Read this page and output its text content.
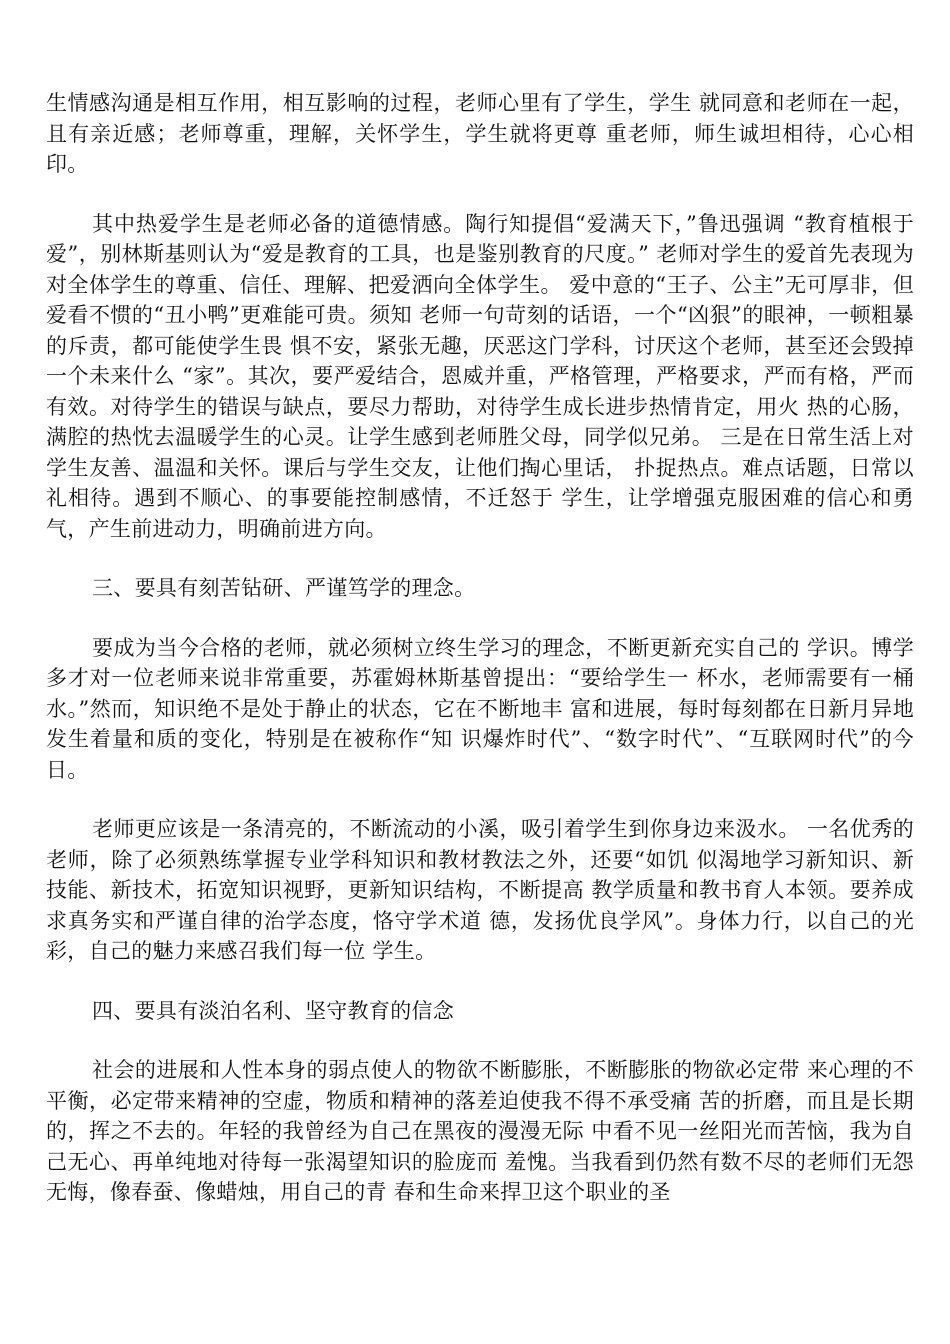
生情感沟通是相互作用，相互影响的过程，老师心里有了学生，学生 就同意和老师在一起，且有亲近感；老师尊重，理解，关怀学生，学生就将更尊 重老师，师生诚坦相待，心心相印。

其中热爱学生是老师必备的道德情感。陶行知提倡“爱满天下，”鲁迅强调 “教育植根于爱”，别林斯基则认为“爱是教育的工具，也是鉴别教育的尺度。” 老师对学生的爱首先表现为对全体学生的尊重、信任、理解、把爱洒向全体学生。 爱中意的“王子、公主”无可厚非，但爱看不惯的“丑小鸭”更难能可贵。须知 老师一句苛刻的话语，一个“凶狠”的眼神，一顿粗暴的斥责，都可能使学生畏 惧不安，紧张无趣，厌恶这门学科，讨厌这个老师，甚至还会毁掉一个未来什么 “家”。其次，要严爱结合，恩威并重，严格管理，严格要求，严而有格，严而 有效。对待学生的错误与缺点，要尽力帮助，对待学生成长进步热情肯定，用火 热的心肠，满腔的热忱去温暖学生的心灵。让学生感到老师胜父母，同学似兄弟。 三是在日常生活上对学生友善、温温和关怀。课后与学生交友，让他们掏心里话， 扑捉热点。难点话题，日常以礼相待。遇到不顺心、的事要能控制感情，不迁怒于 学生，让学增强克服困难的信心和勇气，产生前进动力，明确前进方向。

三、要具有刻苦钻研、严谨笃学的理念。

要成为当今合格的老师，就必须树立终生学习的理念，不断更新充实自己的 学识。博学多才对一位老师来说非常重要，苏霍姆林斯基曾提出：“要给学生一 杯水，老师需要有一桶水。”然而，知识绝不是处于静止的状态，它在不断地丰 富和进展，每时每刻都在日新月异地发生着量和质的变化，特别是在被称作“知 识爆炸时代”、“数字时代”、“互联网时代”的今日。

老师更应该是一条清亮的，不断流动的小溪，吸引着学生到你身边来汲水。 一名优秀的老师，除了必须熟练掌握专业学科知识和教材教法之外，还要“如饥 似渴地学习新知识、新技能、新技术，拓宽知识视野，更新知识结构，不断提高 教学质量和教书育人本领。要养成求真务实和严谨自律的治学态度，恪守学术道 德，发扬优良学风”。身体力行，以自己的光彩，自己的魅力来感召我们每一位 学生。

四、要具有淡泊名利、坚守教育的信念

社会的进展和人性本身的弱点使人的物欲不断膨胀，不断膨胀的物欲必定带 来心理的不平衡，必定带来精神的空虚，物质和精神的落差迫使我不得不承受痛 苦的折磨，而且是长期的，挥之不去的。年轻的我曾经为自己在黑夜的漫漫无际 中看不见一丝阳光而苦恼，我为自己无心、再单纯地对待每一张渴望知识的脸庞而 羞愧。当我看到仍然有数不尽的老师们无怨无悔，像春蚕、像蜡烛，用自己的青 春和生命来捍卫这个职业的圣
